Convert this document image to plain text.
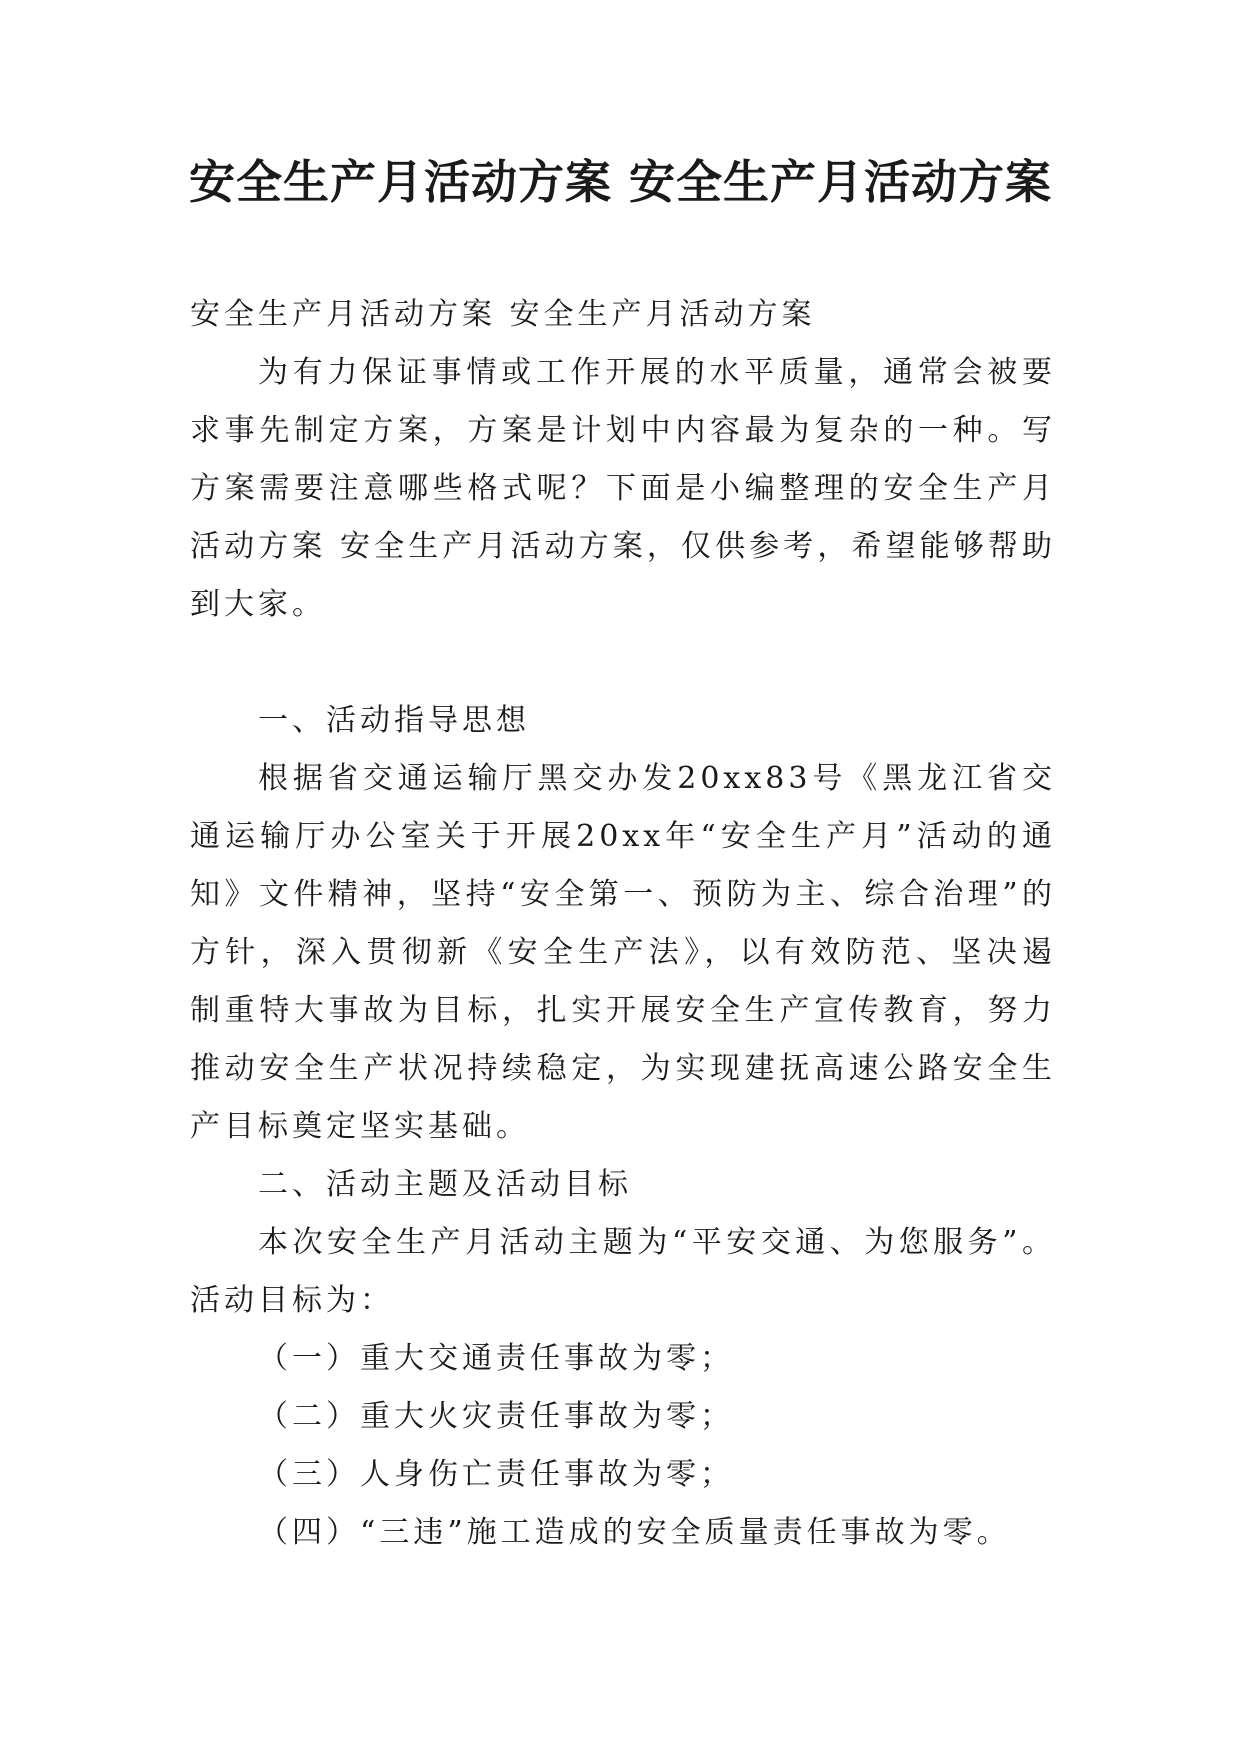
安全生产月活动方案 安全生产月活动方案

安全生产月活动方案 安全生产月活动方案

为有力保证事情或工作开展的水平质量，通常会被要求事先制定方案，方案是计划中内容最为复杂的一种。写方案需要注意哪些格式呢？下面是小编整理的安全生产月活动方案 安全生产月活动方案，仅供参考，希望能够帮助到大家。

一、活动指导思想

根据省交通运输厅黑交办发20xx83号《黑龙江省交通运输厅办公室关于开展20xx年“安全生产月”活动的通知》文件精神，坚持“安全第一、预防为主、综合治理”的方针，深入贯彻新《安全生产法》，以有效防范、坚决遏制重特大事故为目标，扎实开展安全生产宣传教育，努力推动安全生产状况持续稳定，为实现建抚高速公路安全生产目标奠定坚实基础。

二、活动主题及活动目标

本次安全生产月活动主题为“平安交通、为您服务”。活动目标为：

（一）重大交通责任事故为零；

（二）重大火灾责任事故为零；

（三）人身伤亡责任事故为零；

（四）“三违”施工造成的安全质量责任事故为零。
